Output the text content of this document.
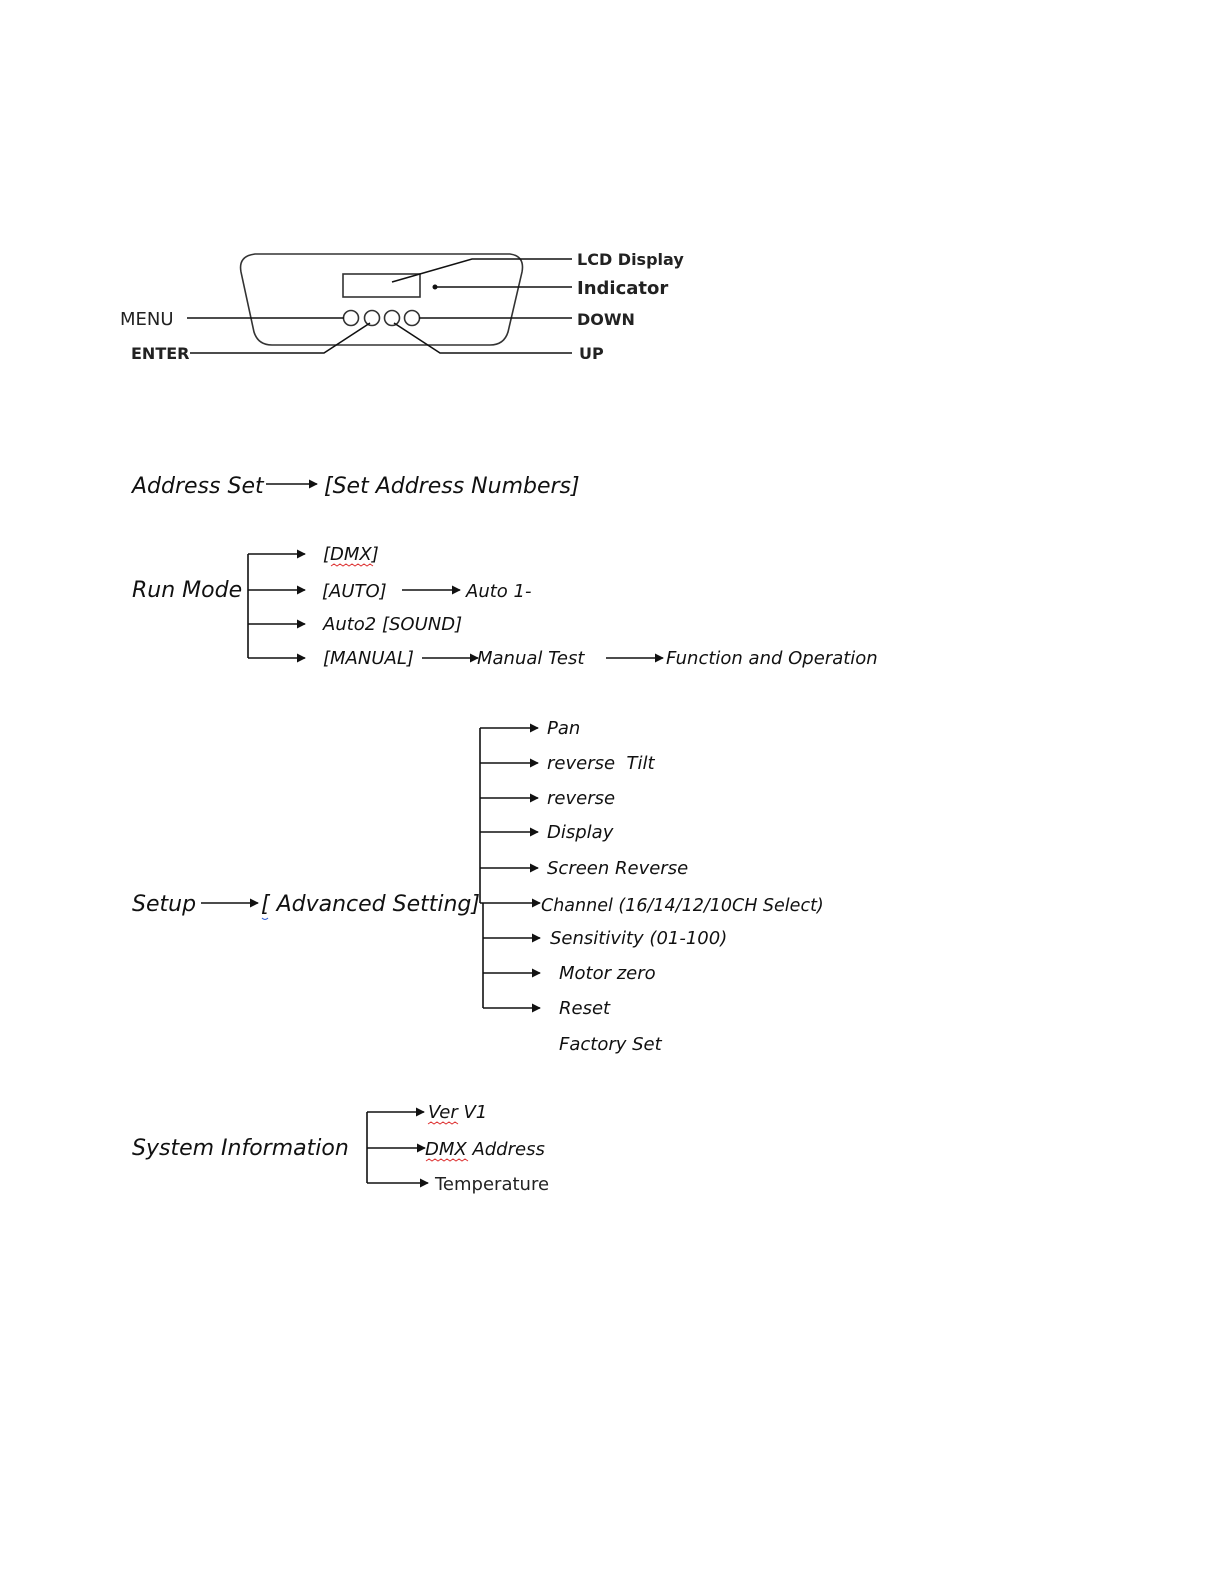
LCD Display
Indicator
DOWN
UP
MENU
ENTER
Address Set	[Set Address Numbers]
Run Mode
[DMX]
[AUTO]	Auto 1-
Auto2 [SOUND]
[MANUAL]	Manual Test	Function and Operation
Setup	[ Advanced Setting]
Pan
reverse  Tilt
reverse
Display
Screen Reverse
Channel (16/14/12/10CH Select)
Sensitivity (01-100)
Motor zero
Reset
Factory Set
System Information
Ver V1
DMX Address
Temperature
